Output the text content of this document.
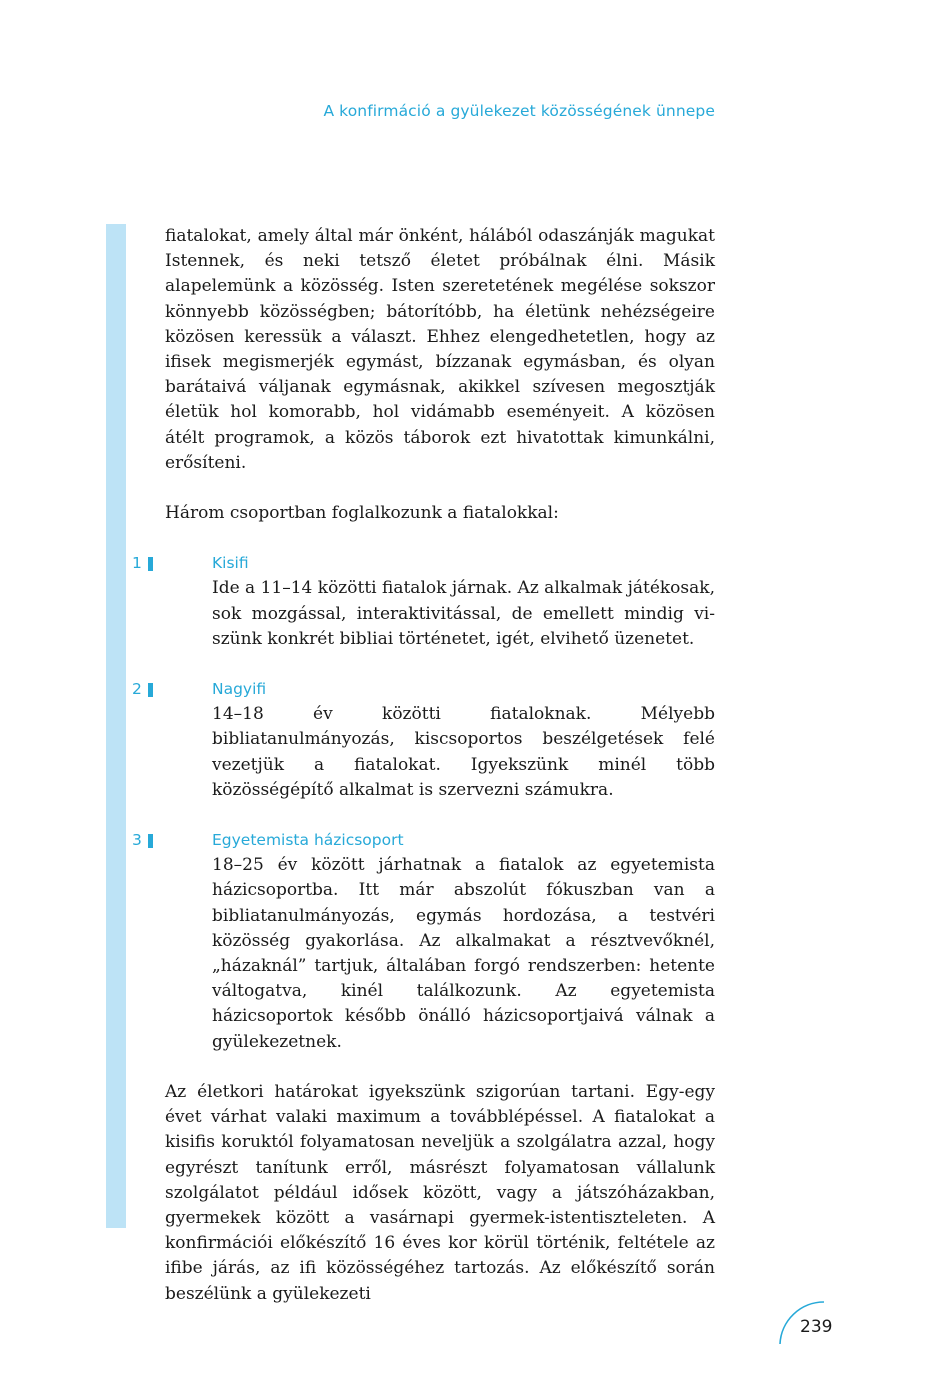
A konfirmáció a gyülekezet közösségének ünnepe

fiatalokat, amely által már önként, hálából odaszánják magukat Istennek, és neki tetsző életet próbálnak élni. Másik alapelemünk a közösség. Isten szeretetének megélése sokszor könnyebb közösségben; bátorítóbb, ha életünk nehézségeire közösen keressük a választ. Ehhez elengedhetetlen, hogy az ifisek megismerjék egymást, bízzanak egymásban, és olyan barátaivá váljanak egymásnak, akikkel szívesen megosztják életük hol komorabb, hol vidámabb eseményeit. A közösen átélt programok, a közös táborok ezt hivatottak kimunkálni, erősíteni.

Három csoportban foglalkozunk a fiatalokkal:

1	Kisifi

Ide a 11–14 közötti fiatalok járnak. Az alkalmak játékosak, sok mozgással, interaktivitással, de emellett mindig viszünk konkrét bibliai történetet, igét, elvihető üzenetet.

2	Nagyifi

14–18 év közötti fiataloknak. Mélyebb bibliatanulmányozás, kiscsoportos beszélgetések felé vezetjük a fiatalokat. Igyekszünk minél több közösségépítő alkalmat is szervezni számukra.

3	Egyetemista házicsoport

18–25 év között járhatnak a fiatalok az egyetemista házicsoportba. Itt már abszolút fókuszban van a bibliatanulmányozás, egymás hordozása, a testvéri közösség gyakorlása. Az alkalmakat a résztvevőknél, „házaknál” tartjuk, általában forgó rendszerben: hetente váltogatva, kinél találkozunk. Az egyetemista házicsoportok később önálló házicsoportjaivá válnak a gyülekezetnek.

Az életkori határokat igyekszünk szigorúan tartani. Egy-egy évet várhat valaki maximum a továbblépéssel. A fiatalokat a kisifis koruktól folyamatosan neveljük a szolgálatra azzal, hogy egyrészt tanítunk erről, másrészt folyamatosan vállalunk szolgálatot például idősek között, vagy a játszóházakban, gyermekek között a vasárnapi gyermek-istentiszteleten. A konfirmációi előkészítő 16 éves kor körül történik, feltétele az ifibe járás, az ifi közösségéhez tartozás. Az előkészítő során beszélünk a gyülekezeti

239
